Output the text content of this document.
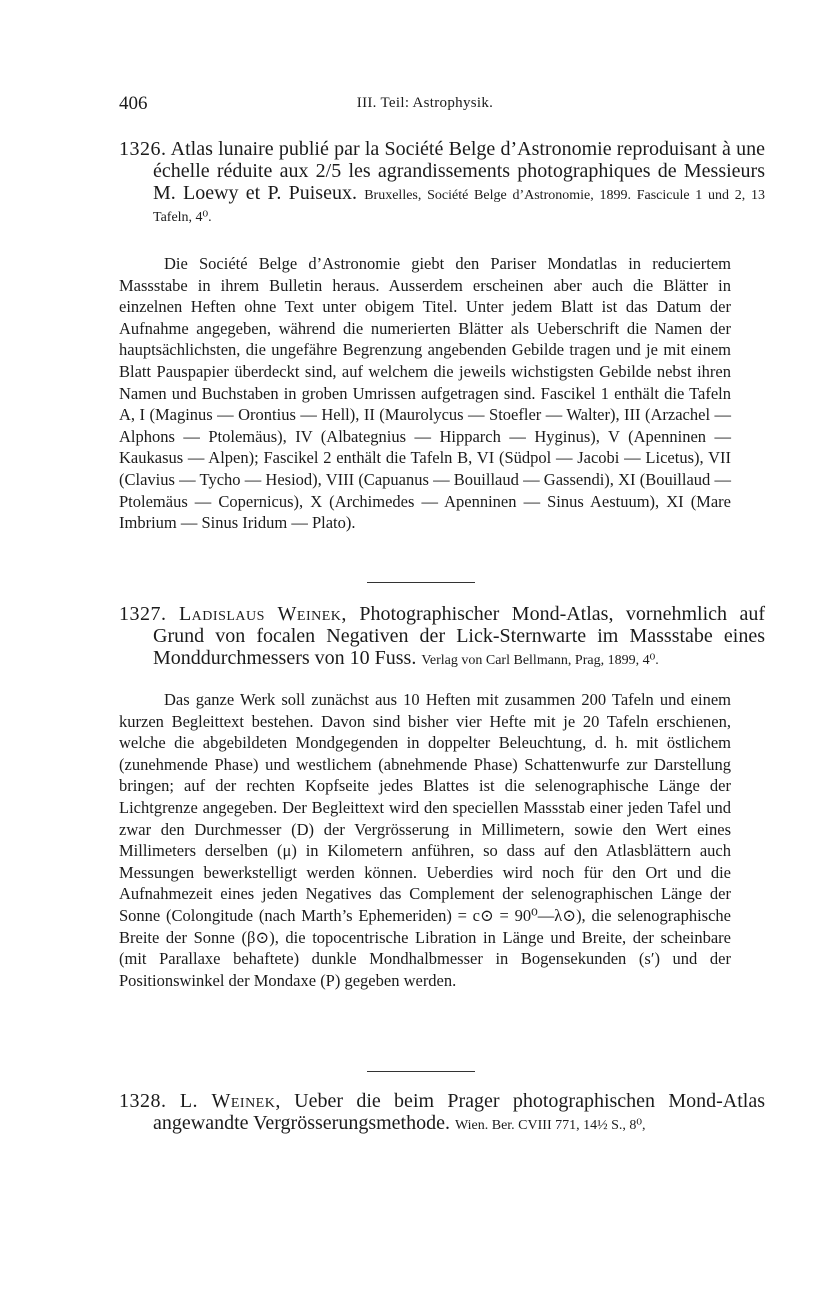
406	III. Teil: Astrophysik.
1326. Atlas lunaire publié par la Société Belge d’Astronomie reproduisant à une échelle réduite aux 2/5 les agrandissements photographiques de Messieurs M. Loewy et P. Puiseux. Bruxelles, Société Belge d’Astronomie, 1899. Fascicule 1 und 2, 13 Tafeln, 4⁰.

Die Société Belge d’Astronomie giebt den Pariser Mondatlas in reduciertem Massstabe in ihrem Bulletin heraus. Ausserdem erscheinen aber auch die Blätter in einzelnen Heften ohne Text unter obigem Titel. Unter jedem Blatt ist das Datum der Aufnahme angegeben, während die numerierten Blätter als Ueberschrift die Namen der hauptsächlichsten, die ungefähre Begrenzung angebenden Gebilde tragen und je mit einem Blatt Pauspapier überdeckt sind, auf welchem die jeweils wichstigsten Gebilde nebst ihren Namen und Buchstaben in groben Umrissen aufgetragen sind. Fascikel 1 enthält die Tafeln A, I (Maginus — Orontius — Hell), II (Maurolycus — Stoefler — Walter), III (Arzachel — Alphons — Ptolemäus), IV (Albategnius — Hipparch — Hyginus), V (Apenninen — Kaukasus — Alpen); Fascikel 2 enthält die Tafeln B, VI (Südpol — Jacobi — Licetus), VII (Clavius — Tycho — Hesiod), VIII (Capuanus — Bouillaud — Gassendi), XI (Bouillaud — Ptolemäus — Copernicus), X (Archimedes — Apenninen — Sinus Aestuum), XI (Mare Imbrium — Sinus Iridum — Plato).

1327. Ladislaus Weinek, Photographischer Mond-Atlas, vornehmlich auf Grund von focalen Negativen der Lick-Sternwarte im Massstabe eines Monddurchmessers von 10 Fuss. Verlag von Carl Bellmann, Prag, 1899, 4⁰.

Das ganze Werk soll zunächst aus 10 Heften mit zusammen 200 Tafeln und einem kurzen Begleittext bestehen. Davon sind bisher vier Hefte mit je 20 Tafeln erschienen, welche die abgebildeten Mondgegenden in doppelter Beleuchtung, d. h. mit östlichem (zunehmende Phase) und westlichem (abnehmende Phase) Schattenwurfe zur Darstellung bringen; auf der rechten Kopfseite jedes Blattes ist die selenographische Länge der Lichtgrenze angegeben. Der Begleittext wird den speciellen Massstab einer jeden Tafel und zwar den Durchmesser (D) der Vergrösserung in Millimetern, sowie den Wert eines Millimeters derselben (μ) in Kilometern anführen, so dass auf den Atlasblättern auch Messungen bewerkstelligt werden können. Ueberdies wird noch für den Ort und die Aufnahmezeit eines jeden Negatives das Complement der selenographischen Länge der Sonne (Colongitude (nach Marth’s Ephemeriden) = c⊙ = 90⁰—λ⊙), die selenographische Breite der Sonne (β⊙), die topocentrische Libration in Länge und Breite, der scheinbare (mit Parallaxe behaftete) dunkle Mondhalbmesser in Bogensekunden (s′) und der Positionswinkel der Mondaxe (P) gegeben werden.

1328. L. Weinek, Ueber die beim Prager photographischen Mond-Atlas angewandte Vergrösserungsmethode. Wien. Ber. CVIII 771, 14½ S., 8⁰,
